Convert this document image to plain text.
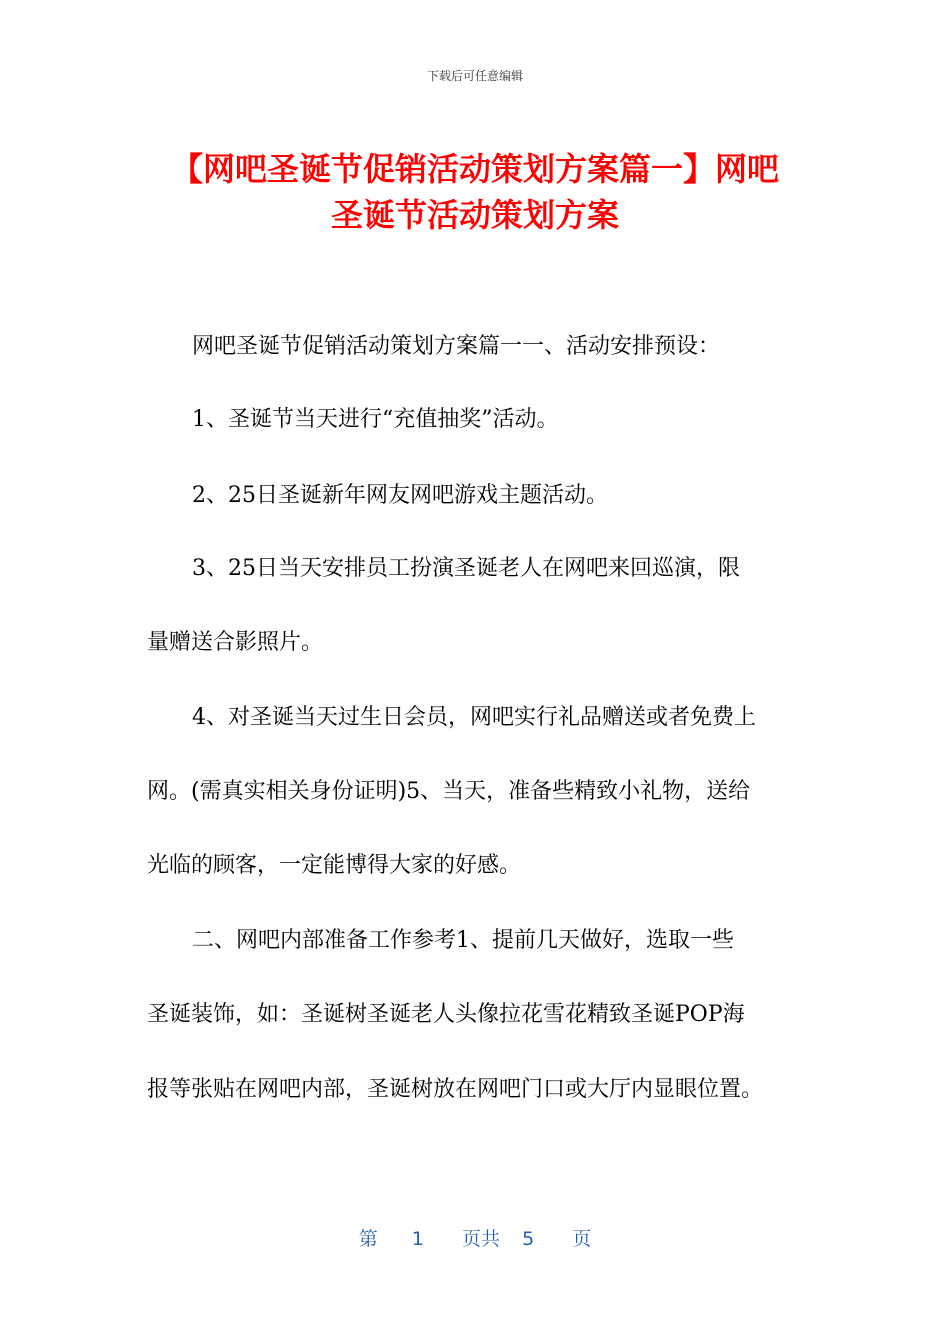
下载后可任意编辑
【网吧圣诞节促销活动策划方案篇一】网吧
圣诞节活动策划方案
网吧圣诞节促销活动策划方案篇一一、活动安排预设：
1、圣诞节当天进行“充值抽奖”活动。
2、25日圣诞新年网友网吧游戏主题活动。
3、25日当天安排员工扮演圣诞老人在网吧来回巡演，限
量赠送合影照片。
4、对圣诞当天过生日会员，网吧实行礼品赠送或者免费上
网。(需真实相关身份证明)5、当天，准备些精致小礼物，送给
光临的顾客，一定能博得大家的好感。
二、网吧内部准备工作参考1、提前几天做好，选取一些
圣诞装饰，如：圣诞树圣诞老人头像拉花雪花精致圣诞POP海
报等张贴在网吧内部，圣诞树放在网吧门口或大厅内显眼位置。
第 1 页共 5 页
